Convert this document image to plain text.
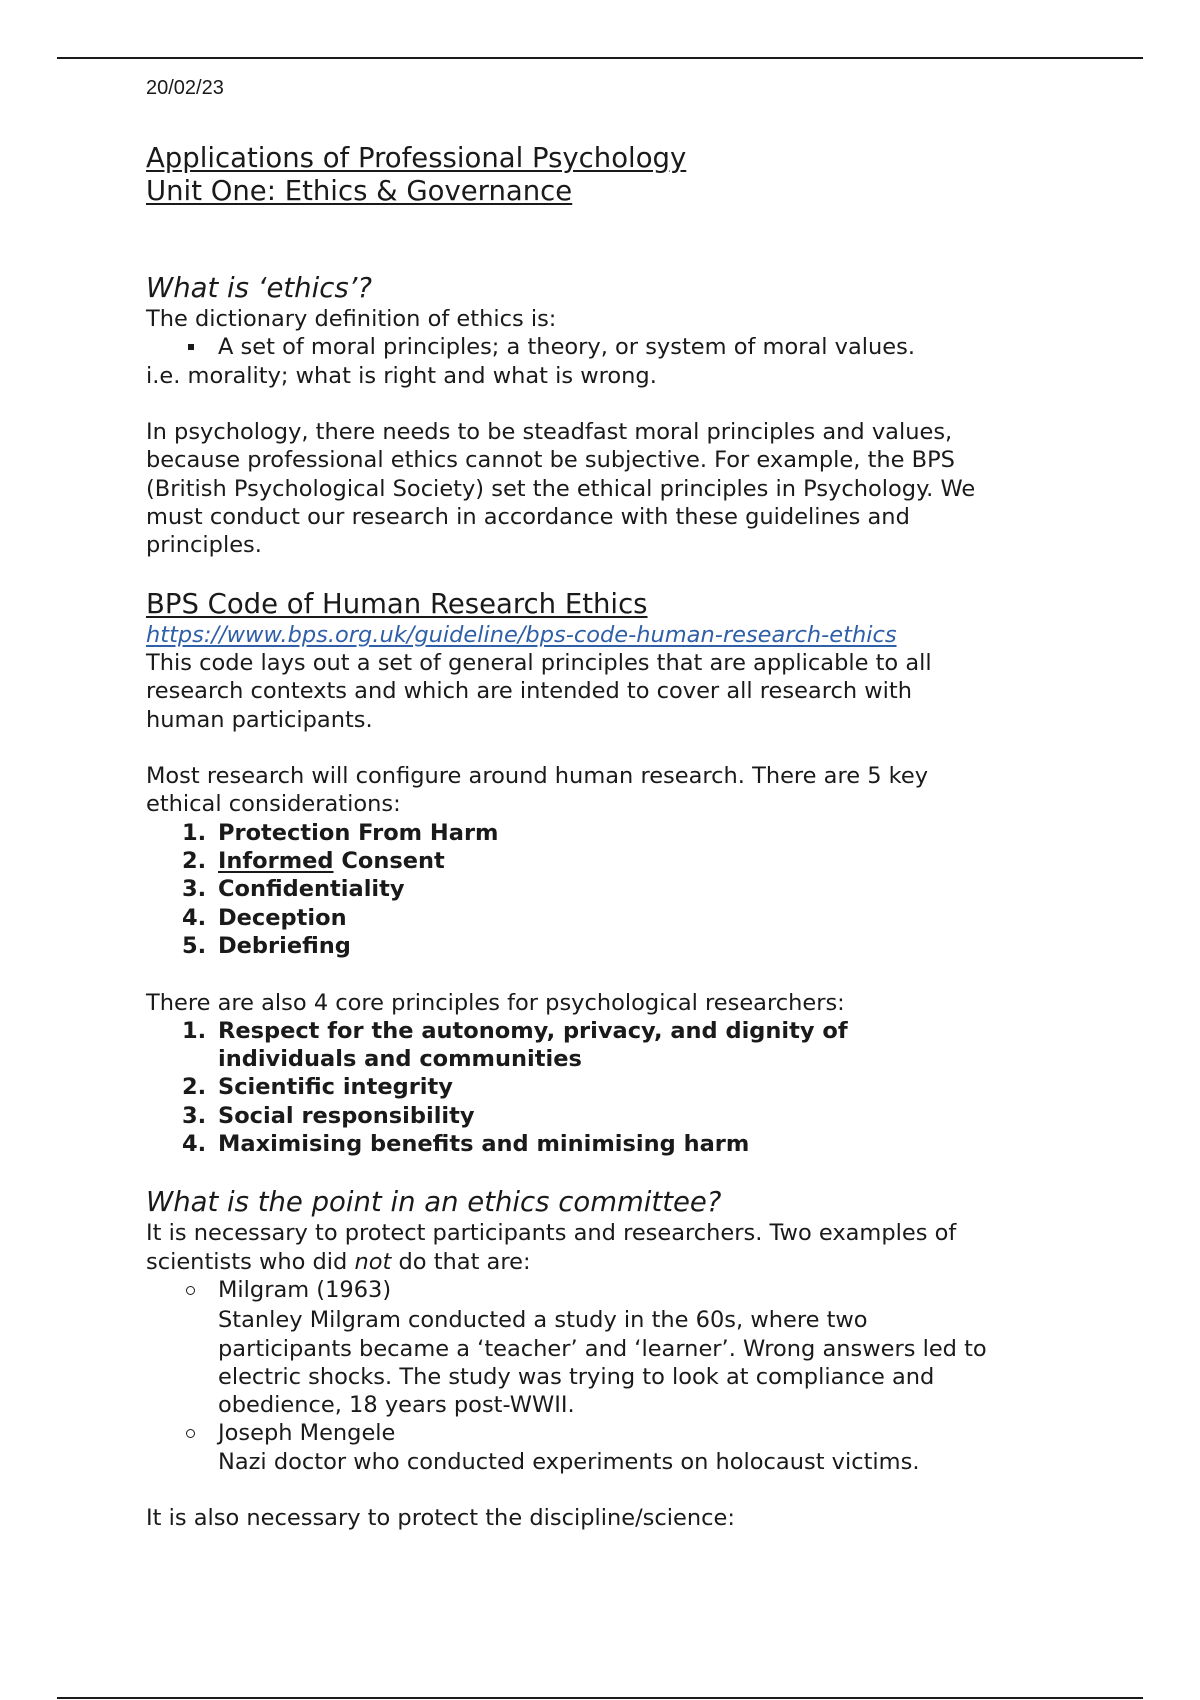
20/02/23
Applications of Professional Psychology
Unit One: Ethics & Governance
What is ‘ethics’?

The dictionary definition of ethics is:

A set of moral principles; a theory, or system of moral values.

i.e. morality; what is right and what is wrong.

In psychology, there needs to be steadfast moral principles and values,
because professional ethics cannot be subjective. For example, the BPS
(British Psychological Society) set the ethical principles in Psychology. We
must conduct our research in accordance with these guidelines and
principles.

BPS Code of Human Research Ethics

https://www.bps.org.uk/guideline/bps-code-human-research-ethics

This code lays out a set of general principles that are applicable to all
research contexts and which are intended to cover all research with
human participants.

Most research will configure around human research. There are 5 key
ethical considerations:

1. Protection From Harm
2. Informed Consent
3. Confidentiality
4. Deception
5. Debriefing

There are also 4 core principles for psychological researchers:

1. Respect for the autonomy, privacy, and dignity of
individuals and communities
2. Scientific integrity
3. Social responsibility
4. Maximising benefits and minimising harm
What is the point in an ethics committee?

It is necessary to protect participants and researchers. Two examples of
scientists who did not do that are:

Milgram (1963)
Stanley Milgram conducted a study in the 60s, where two
participants became a ‘teacher’ and ‘learner’. Wrong answers led to
electric shocks. The study was trying to look at compliance and
obedience, 18 years post-WWII.
Joseph Mengele
Nazi doctor who conducted experiments on holocaust victims.

It is also necessary to protect the discipline/science:
